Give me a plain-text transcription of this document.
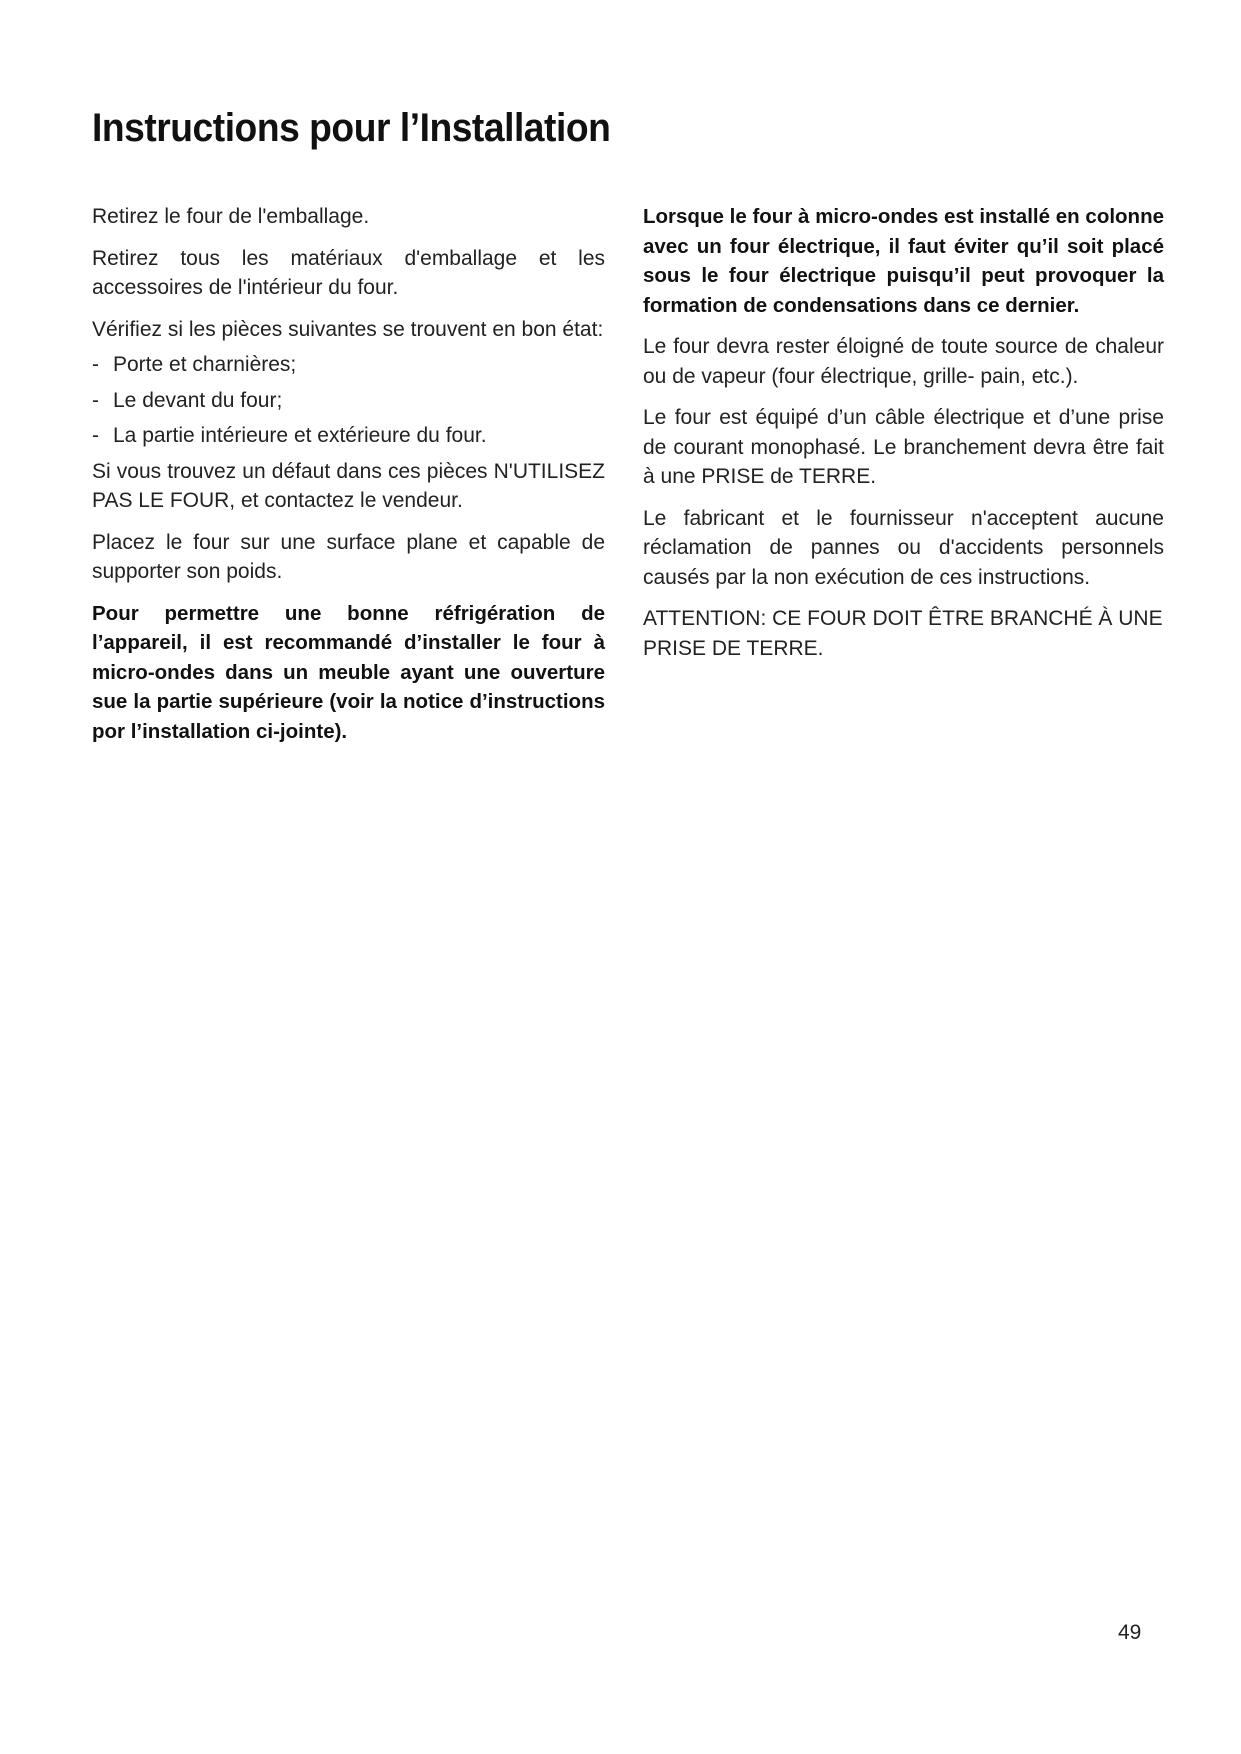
Instructions pour l’Installation

Retirez le four de l'emballage.

Retirez tous les matériaux d'emballage et les accessoires de l'intérieur du four.

Vérifiez si les pièces suivantes se trouvent en bon état:

- Porte et charnières;
- Le devant du four;
- La partie intérieure et extérieure du four.

Si vous trouvez un défaut dans ces pièces N'UTILISEZ PAS LE FOUR, et contactez le vendeur.

Placez le four sur une surface plane et capable de supporter son poids.

Pour permettre une bonne réfrigération de l’appareil, il est recommandé d’installer le four à micro-ondes dans un meuble ayant une ouverture sue la partie supérieure (voir la notice d’instructions por l’installation ci-jointe).

Lorsque le four à micro-ondes est installé en colonne avec un four électrique, il faut éviter qu’il soit placé sous le four électrique puisqu’il peut provoquer la formation de condensations dans ce dernier.

Le four devra rester éloigné de toute source de chaleur ou de vapeur (four électrique, grille- pain, etc.).

Le four est équipé d’un câble électrique et d’une prise de courant monophasé. Le branchement devra être fait à une PRISE de TERRE.

Le fabricant et le fournisseur n'acceptent aucune réclamation de pannes ou d'accidents personnels causés par la non exécution de ces instructions.

ATTENTION: CE FOUR DOIT ÊTRE BRANCHÉ À UNE PRISE DE TERRE.

49
